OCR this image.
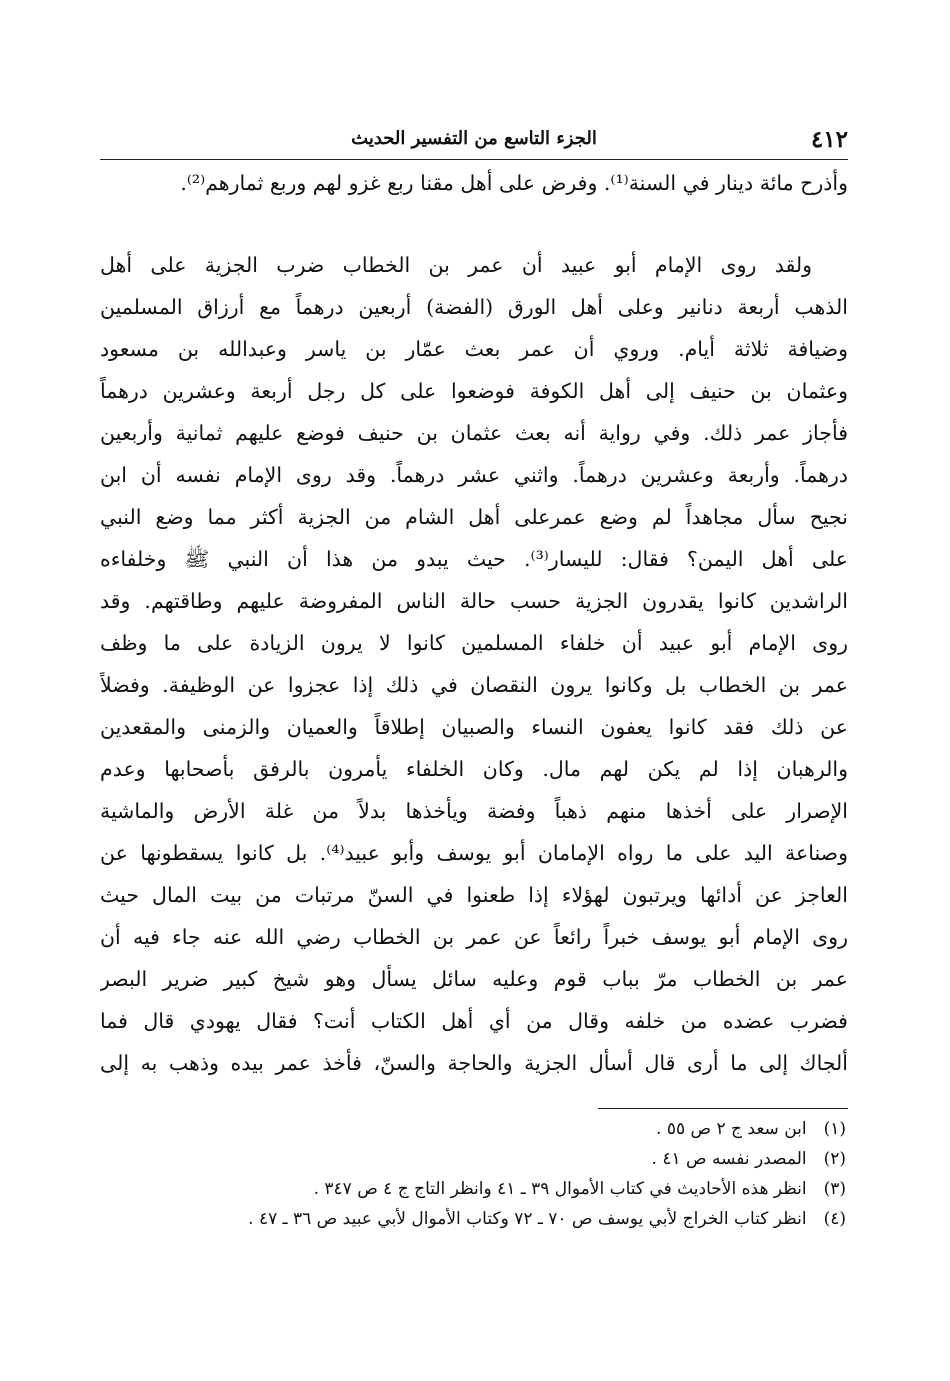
٤١٢
الجزء التاسع من التفسير الحديث
وأذرح مائة دينار في السنة⁽¹⁾. وفرض على أهل مقنا ربع غزو لهم وربع ثمارهم⁽²⁾.
ولقد روى الإمام أبو عبيد أن عمر بن الخطاب ضرب الجزية على أهل
الذهب أربعة دنانير وعلى أهل الورق (الفضة) أربعين درهماً مع أرزاق المسلمين
وضيافة ثلاثة أيام. وروي أن عمر بعث عمّار بن ياسر وعبدالله بن مسعود
وعثمان بن حنيف إلى أهل الكوفة فوضعوا على كل رجل أربعة وعشرين درهماً
فأجاز عمر ذلك. وفي رواية أنه بعث عثمان بن حنيف فوضع عليهم ثمانية وأربعين
درهماً. وأربعة وعشرين درهماً. واثني عشر درهماً. وقد روى الإمام نفسه أن ابن
نجيح سأل مجاهداً لم وضع عمرعلى أهل الشام من الجزية أكثر مما وضع النبي
على أهل اليمن؟ فقال: لليسار⁽³⁾. حيث يبدو من هذا أن النبي ﷺ وخلفاءه
الراشدين كانوا يقدرون الجزية حسب حالة الناس المفروضة عليهم وطاقتهم. وقد
روى الإمام أبو عبيد أن خلفاء المسلمين كانوا لا يرون الزيادة على ما وظف
عمر بن الخطاب بل وكانوا يرون النقصان في ذلك إذا عجزوا عن الوظيفة. وفضلاً
عن ذلك فقد كانوا يعفون النساء والصبيان إطلاقاً والعميان والزمنى والمقعدين
والرهبان إذا لم يكن لهم مال. وكان الخلفاء يأمرون بالرفق بأصحابها وعدم
الإصرار على أخذها منهم ذهباً وفضة ويأخذها بدلاً من غلة الأرض والماشية
وصناعة اليد على ما رواه الإمامان أبو يوسف وأبو عبيد⁽⁴⁾. بل كانوا يسقطونها عن
العاجز عن أدائها ويرتبون لهؤلاء إذا طعنوا في السنّ مرتبات من بيت المال حيث
روى الإمام أبو يوسف خبراً رائعاً عن عمر بن الخطاب رضي الله عنه جاء فيه أن
عمر بن الخطاب مرّ بباب قوم وعليه سائل يسأل وهو شيخ كبير ضرير البصر
فضرب عضده من خلفه وقال من أي أهل الكتاب أنت؟ فقال يهودي قال فما
ألجاك إلى ما أرى قال أسأل الجزية والحاجة والسنّ، فأخذ عمر بيده وذهب به إلى
(١) ابن سعد ج ٢ ص ٥٥ .
(٢) المصدر نفسه ص ٤١ .
(٣) انظر هذه الأحاديث في كتاب الأموال ٣٩ ـ ٤١ وانظر التاج ج ٤ ص ٣٤٧ .
(٤) انظر كتاب الخراج لأبي يوسف ص ٧٠ ـ ٧٢ وكتاب الأموال لأبي عبيد ص ٣٦ ـ ٤٧ .
